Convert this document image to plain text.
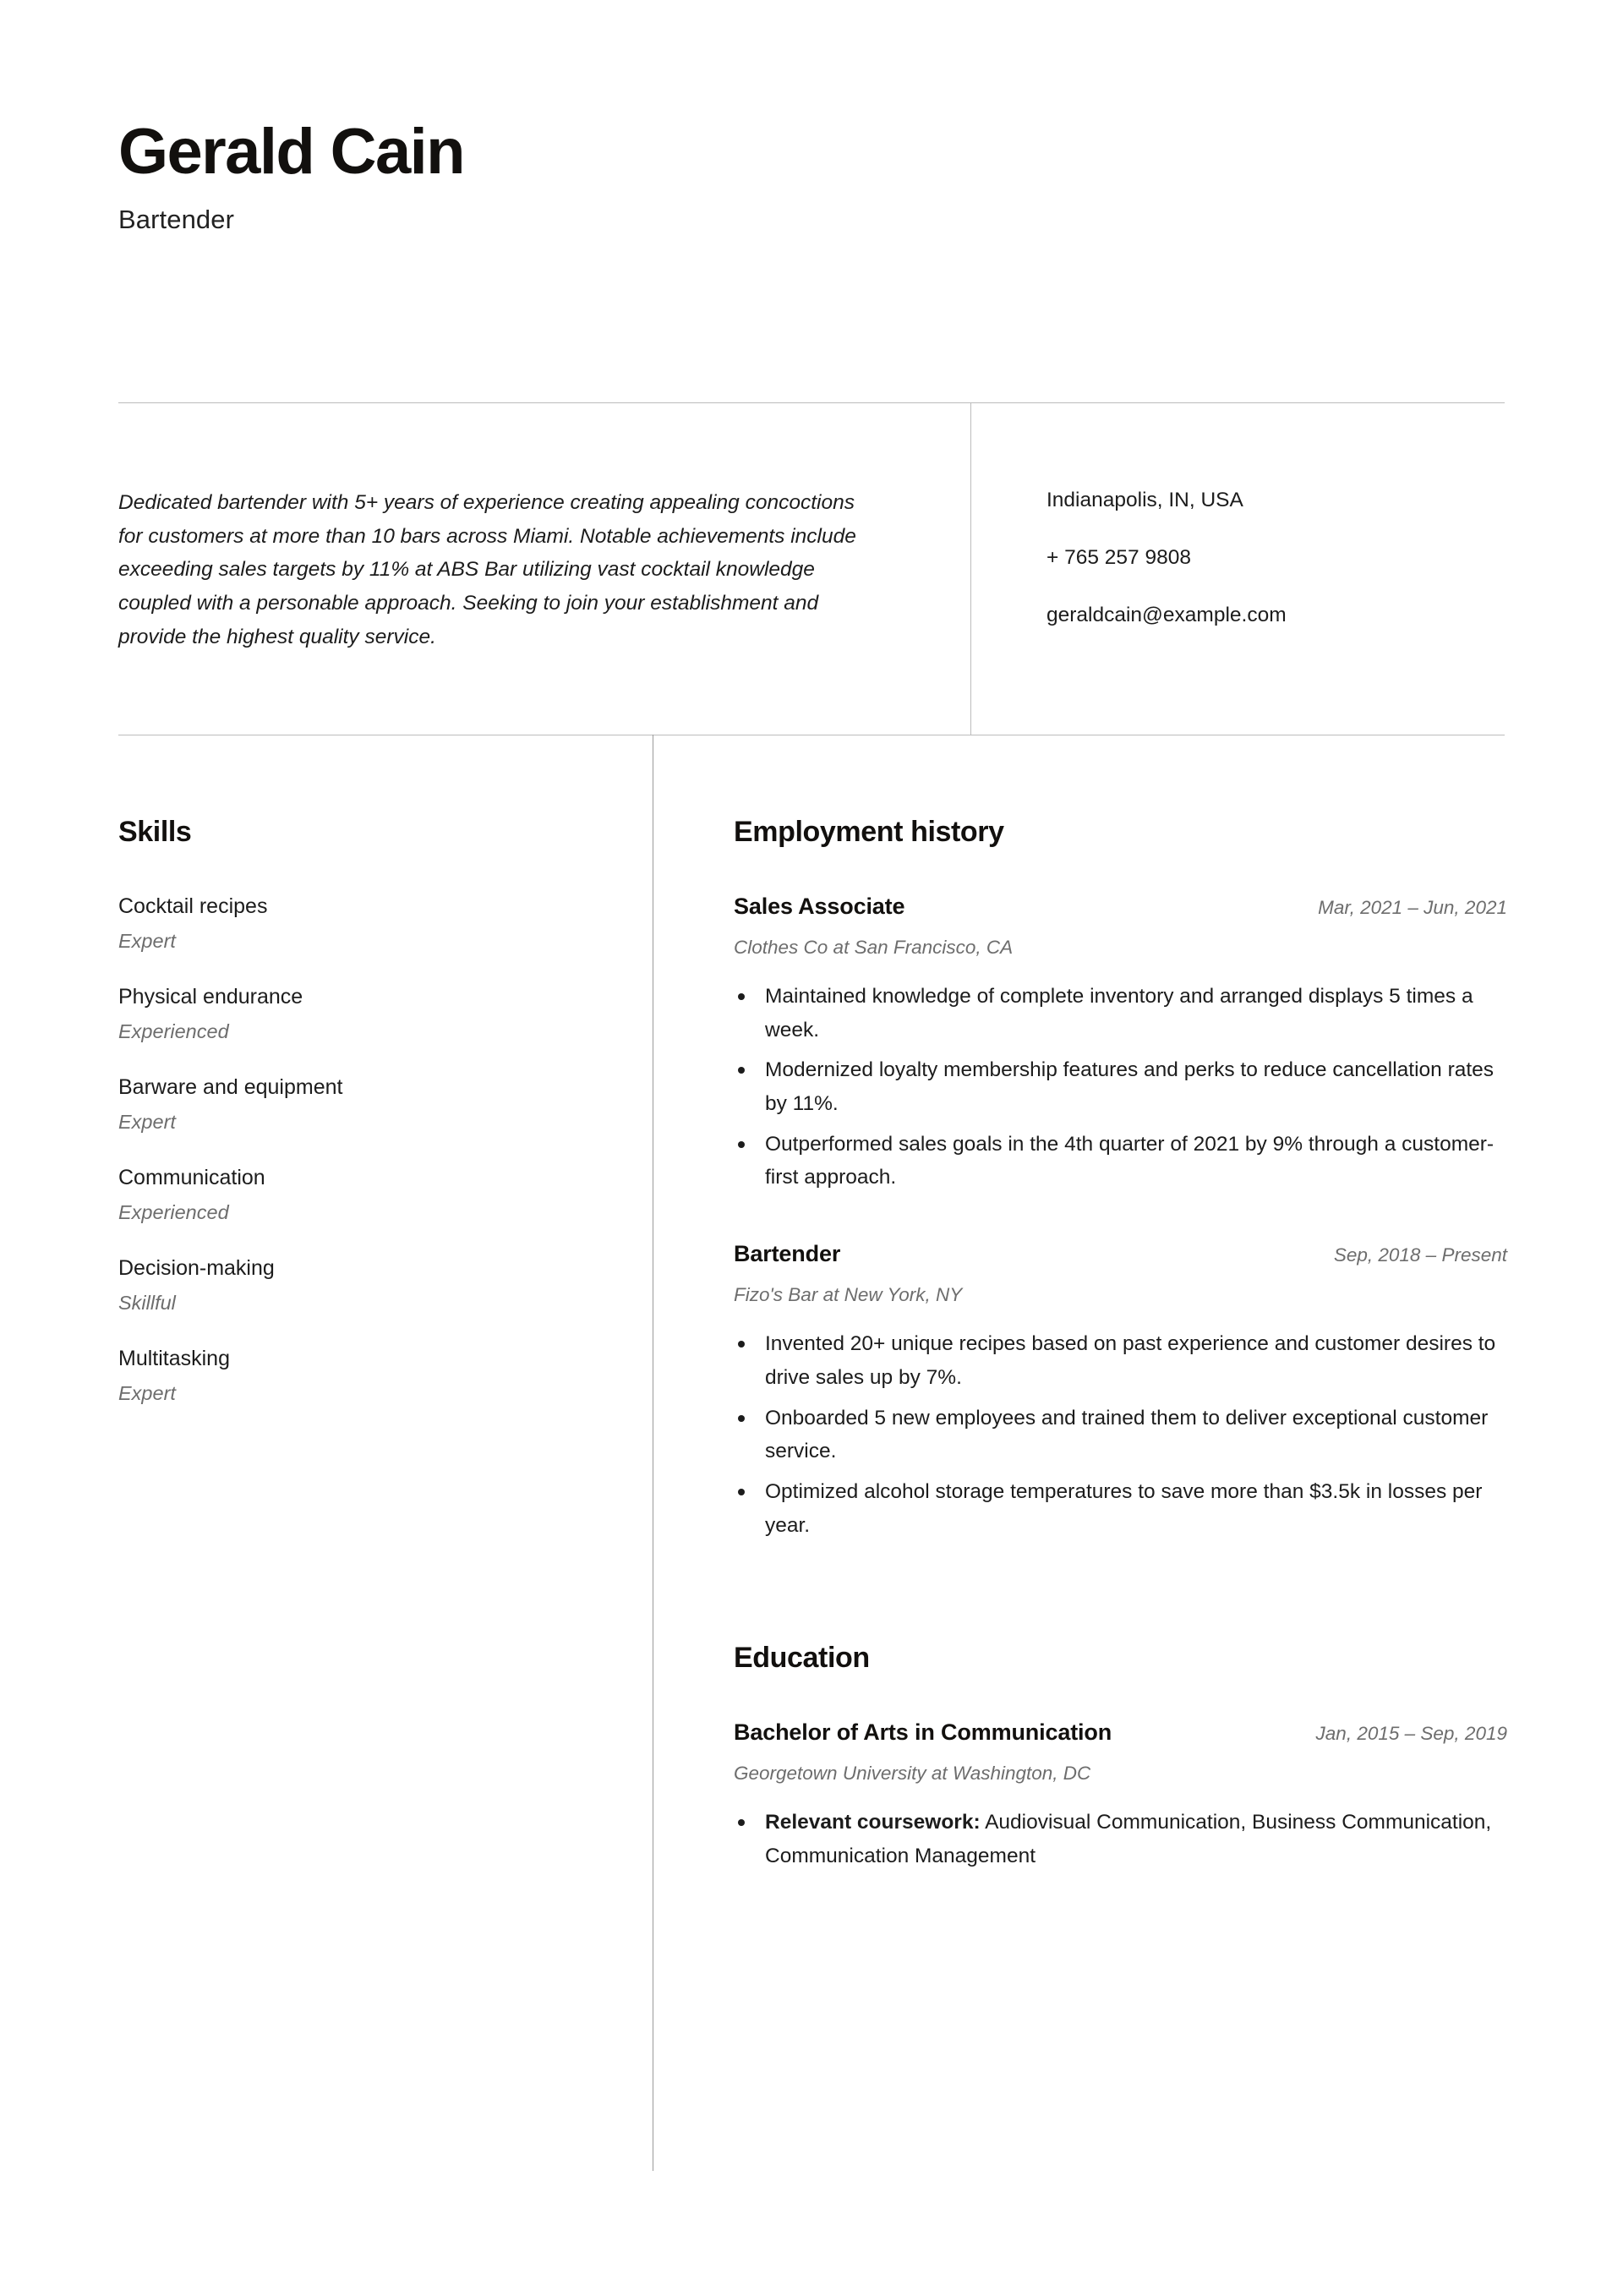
Gerald Cain
Bartender
Dedicated bartender with 5+ years of experience creating appealing concoctions for customers at more than 10 bars across Miami. Notable achievements include exceeding sales targets by 11% at ABS Bar utilizing vast cocktail knowledge coupled with a personable approach. Seeking to join your establishment and provide the highest quality service.
Indianapolis, IN, USA
+ 765 257 9808
geraldcain@example.com
Skills
Cocktail recipes
Expert
Physical endurance
Experienced
Barware and equipment
Expert
Communication
Experienced
Decision-making
Skillful
Multitasking
Expert
Employment history
Sales Associate	Mar, 2021 – Jun, 2021
Clothes Co at San Francisco, CA
Maintained knowledge of complete inventory and arranged displays 5 times a week.
Modernized loyalty membership features and perks to reduce cancellation rates by 11%.
Outperformed sales goals in the 4th quarter of 2021 by 9% through a customer-first approach.
Bartender	Sep, 2018 – Present
Fizo's Bar at New York, NY
Invented 20+ unique recipes based on past experience and customer desires to drive sales up by 7%.
Onboarded 5 new employees and trained them to deliver exceptional customer service.
Optimized alcohol storage temperatures to save more than $3.5k in losses per year.
Education
Bachelor of Arts in Communication	Jan, 2015 – Sep, 2019
Georgetown University at Washington, DC
Relevant coursework: Audiovisual Communication, Business Communication, Communication Management
